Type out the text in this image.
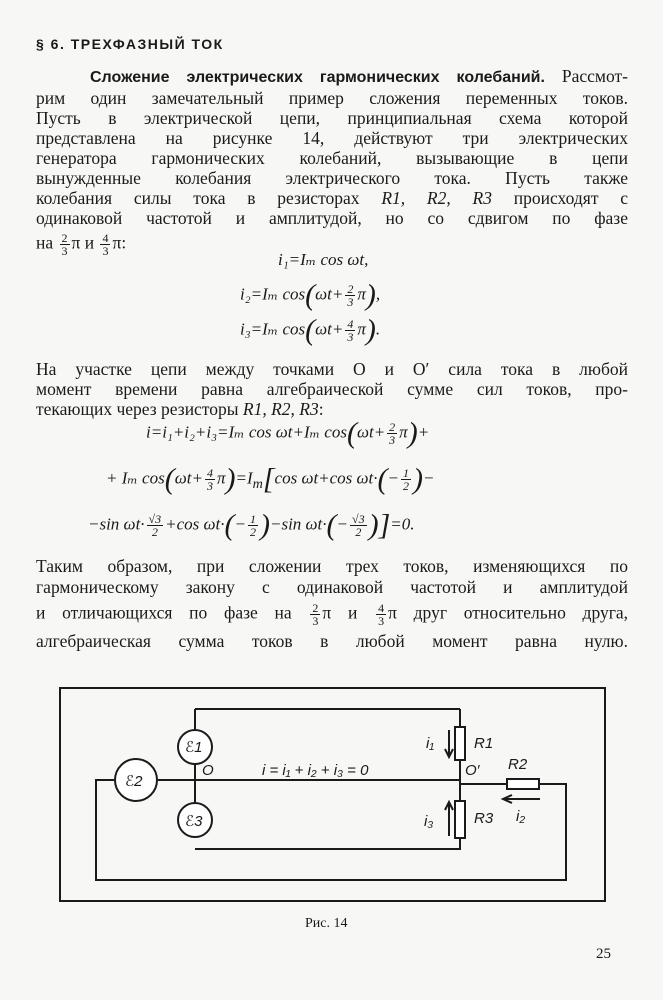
§ 6. ТРЕХФАЗНЫЙ ТОК
Сложение электрических гармонических колебаний. Рассмот-
рим один замечательный пример сложения переменных токов.
Пусть в электрической цепи, принципиальная схема которой
представлена на рисунке 14, действуют три электрических
генератора гармонических колебаний, вызывающие в цепи
вынужденные колебания электрического тока. Пусть также
колебания силы тока в резисторах R1, R2, R3 происходят с
одинаковой частотой и амплитудой, но со сдвигом по фазе
на $\frac{2}{3}$ π и $\frac{4}{3} \pi$:
i₁=Iₘ cos ωt,
i₂=Iₘ $\cos(\omega t+ \frac{2}{3} \pi)$,
i₃=Iₘ $\cos(\omega t+ \frac{4}{3} \pi)$.
На участке цепи между точками O и O′ сила тока в любой
момент времени равна алгебраической сумме сил токов, про-
текающих через резисторы R1, R2, R3:
i=i₁+i₂+i₃=Iₘ cos ωt+Iₘ $\cos(\omega t+ \frac{2}{3} \pi)+$
+ Iₘ $\cos(\omega t+ \frac{4}{3} \pi)=I_m[\cos$ ωt+cos $\omega t\cdot(- \frac{1}{2}$ )−
−sin $\omega t\cdot \frac{√3}{2} +\cos$ $\omega t\cdot(- \frac{1}{2} )-\sin$ $\omega t\cdot(- \frac{√3}{2} )]=0$.
Таким образом, при сложении трех токов, изменяющихся по
гармоническому закону с одинаковой частотой и амплитудой
и отличающихся по фазе на $\frac{2}{3}$ π и $\frac{4}{3}$ π друг относительно друга,
алгебраическая сумма токов в любой момент равна нулю.
ℰ1
ℰ2
ℰ3
O	O′
i = i₁ + i₂ + i₃ = 0
R1
R2
R3
i₁
i₂
i₃
Рис. 14
25
